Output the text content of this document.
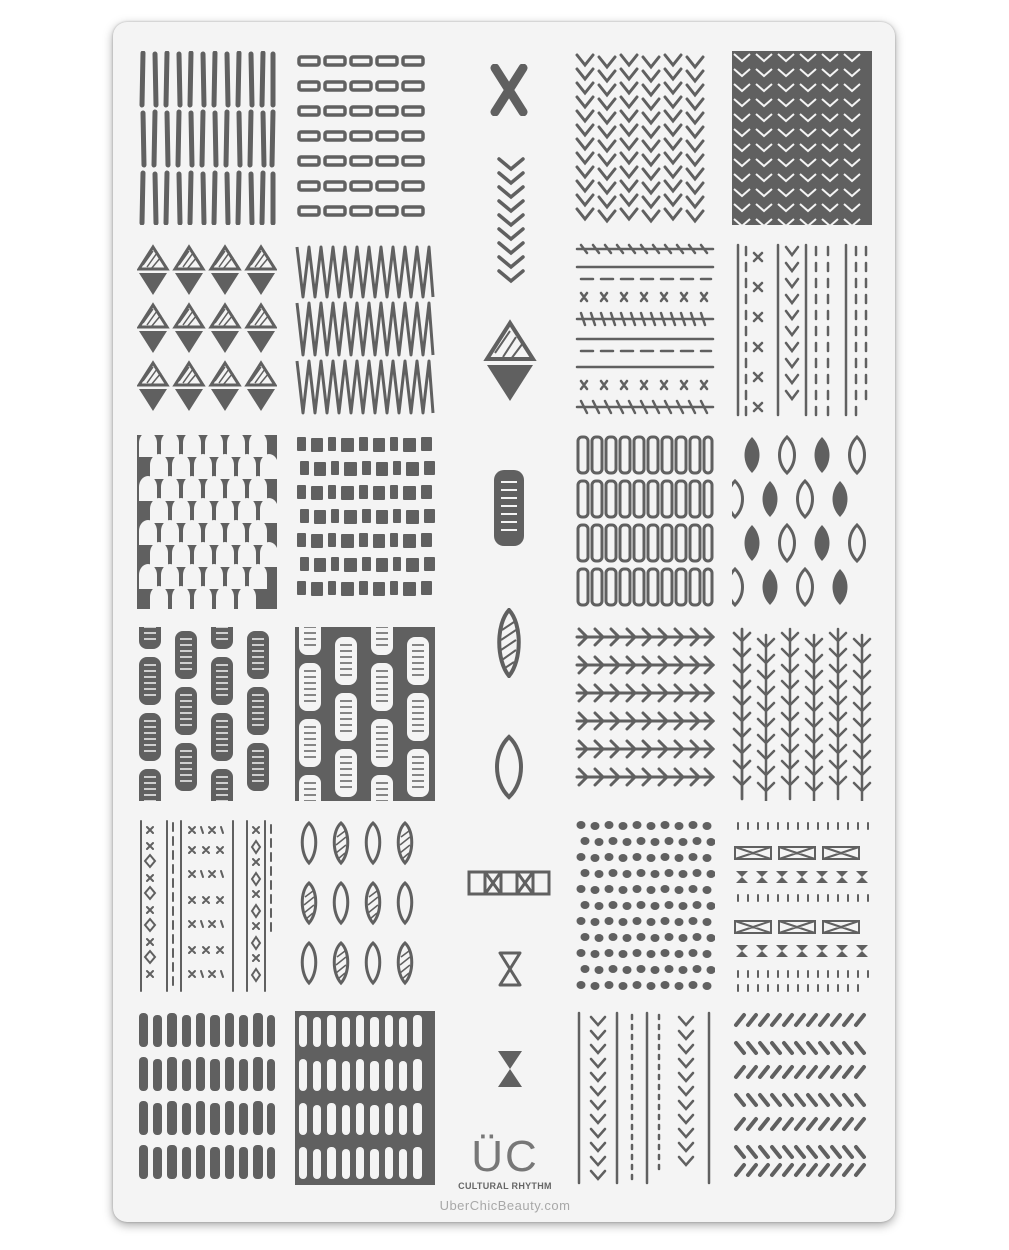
ÜC
CULTURAL RHYTHM
UberChicBeauty.com
